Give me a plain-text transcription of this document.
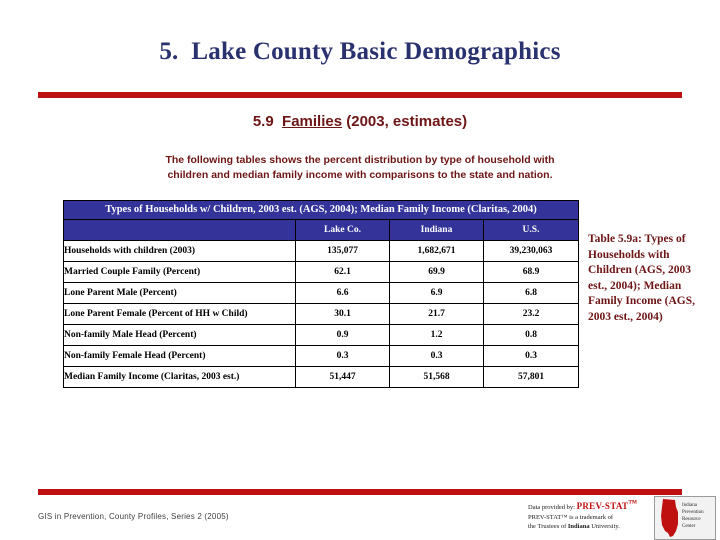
5.  Lake County Basic Demographics
5.9  Families (2003, estimates)
The following tables shows the percent distribution by type of household with
children and median family income with comparisons to the state and nation.
Types of Households w/ Children, 2003 est. (AGS, 2004); Median Family Income (Claritas, 2004)			
	Lake Co.	Indiana	U.S.
Households with children (2003)	135,077	1,682,671	39,230,063
Married Couple Family (Percent)	62.1	69.9	68.9
Lone Parent Male (Percent)	6.6	6.9	6.8
Lone Parent Female (Percent of HH w Child)	30.1	21.7	23.2
Non-family Male Head (Percent)	0.9	1.2	0.8
Non-family Female Head (Percent)	0.3	0.3	0.3
Median Family Income (Claritas, 2003 est.)	51,447	51,568	57,801
Table 5.9a: Types of Households with Children (AGS, 2003 est., 2004); Median Family Income (AGS, 2003 est., 2004)
GIS in Prevention, County Profiles, Series 2 (2005)
Data provided by: PREV-STAT™
PREV-STAT™ is a trademark of
the Trustees of Indiana University.
Indiana
Prevention
Resource
Center
